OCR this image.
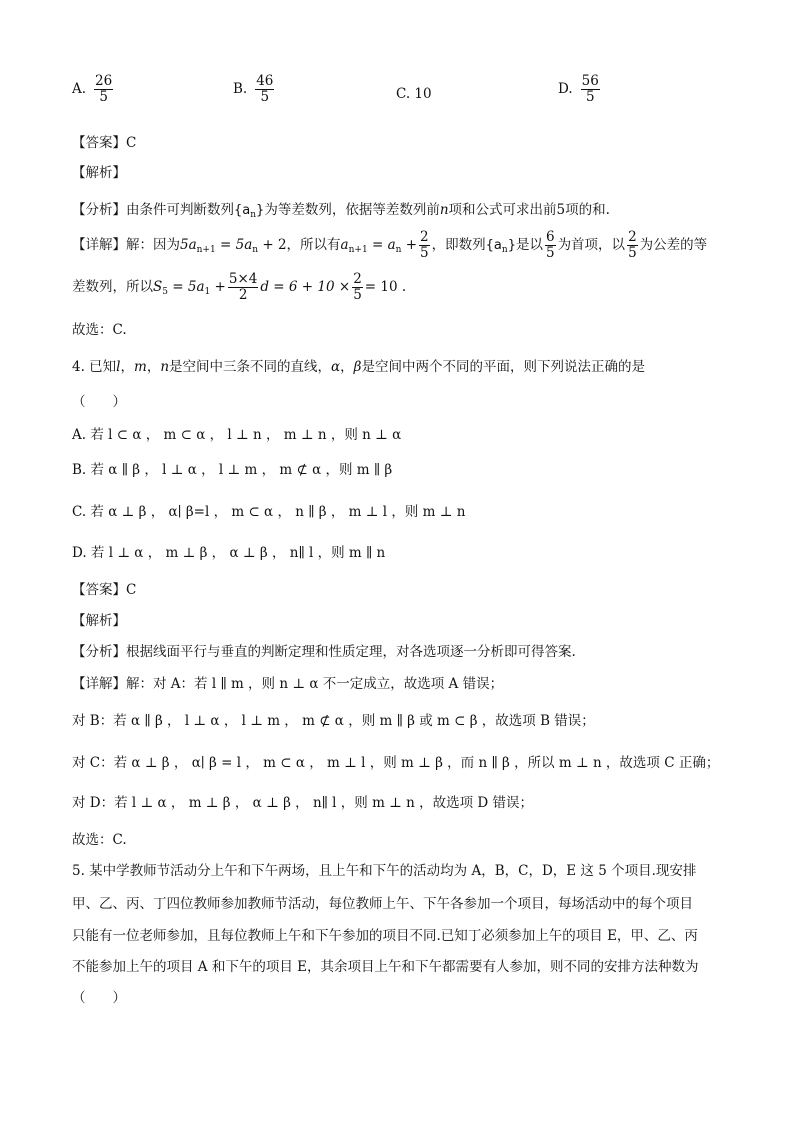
A. $\frac{26}{5}$	B. $\frac{46}{5}$	C. 10	D. $\frac{56}{5}$
【答案】C
【解析】
【分析】由条件可判断数列$\{a_n\}$为等差数列，依据等差数列前n项和公式可求出前5项的和.
【详解】解：因为$5a_{n+1} = 5a_n + 2$，所以有$a_{n+1} = a_n + \frac{2}{5}$ ，即数列$\{a_n\}$是以 $\frac{6}{5}$ 为首项，以 $\frac{2}{5}$ 为公差的等
差数列，所以$S_5 = 5a_1 + \frac{5\times 4}{2}$ $d = 6 + 10 \times \frac{2}{5} = 10$ .
故选：C.
4. 已知l，m，n是空间中三条不同的直线，α，β是空间中两个不同的平面，则下列说法正确的是
（　　）
A. 若 l ⊂ α ， m ⊂ α ， l ⊥ n ， m ⊥ n ，则 n ⊥ α
B. 若 α ∥ β ， l ⊥ α ， l ⊥ m ， m ⊄ α ，则 m ∥ β
C. 若 α ⊥ β ， α∣ β=l ， m ⊂ α ， n ∥ β ， m ⊥ l ，则 m ⊥ n
D. 若 l ⊥ α ， m ⊥ β ， α ⊥ β ， n∥ l ，则 m ∥ n
【答案】C
【解析】
【分析】根据线面平行与垂直的判断定理和性质定理，对各选项逐一分析即可得答案.
【详解】解：对 A：若 l ∥ m ，则 n ⊥ α 不一定成立，故选项 A 错误；
对 B：若 α ∥ β ， l ⊥ α ， l ⊥ m ， m ⊄ α ，则 m ∥ β 或 m ⊂ β ，故选项 B 错误；
对 C：若 α ⊥ β ， α∣ β = l ， m ⊂ α ， m ⊥ l ，则 m ⊥ β ，而 n ∥ β ，所以 m ⊥ n ，故选项 C 正确；
对 D：若 l ⊥ α ， m ⊥ β ， α ⊥ β ， n∥ l ，则 m ⊥ n ，故选项 D 错误；
故选：C.
5. 某中学教师节活动分上午和下午两场，且上午和下午的活动均为 A，B，C，D，E 这 5 个项目.现安排
甲、乙、丙、丁四位教师参加教师节活动，每位教师上午、下午各参加一个项目，每场活动中的每个项目
只能有一位老师参加，且每位教师上午和下午参加的项目不同.已知丁必须参加上午的项目 E，甲、乙、丙
不能参加上午的项目 A 和下午的项目 E，其余项目上午和下午都需要有人参加，则不同的安排方法种数为
（　　）
